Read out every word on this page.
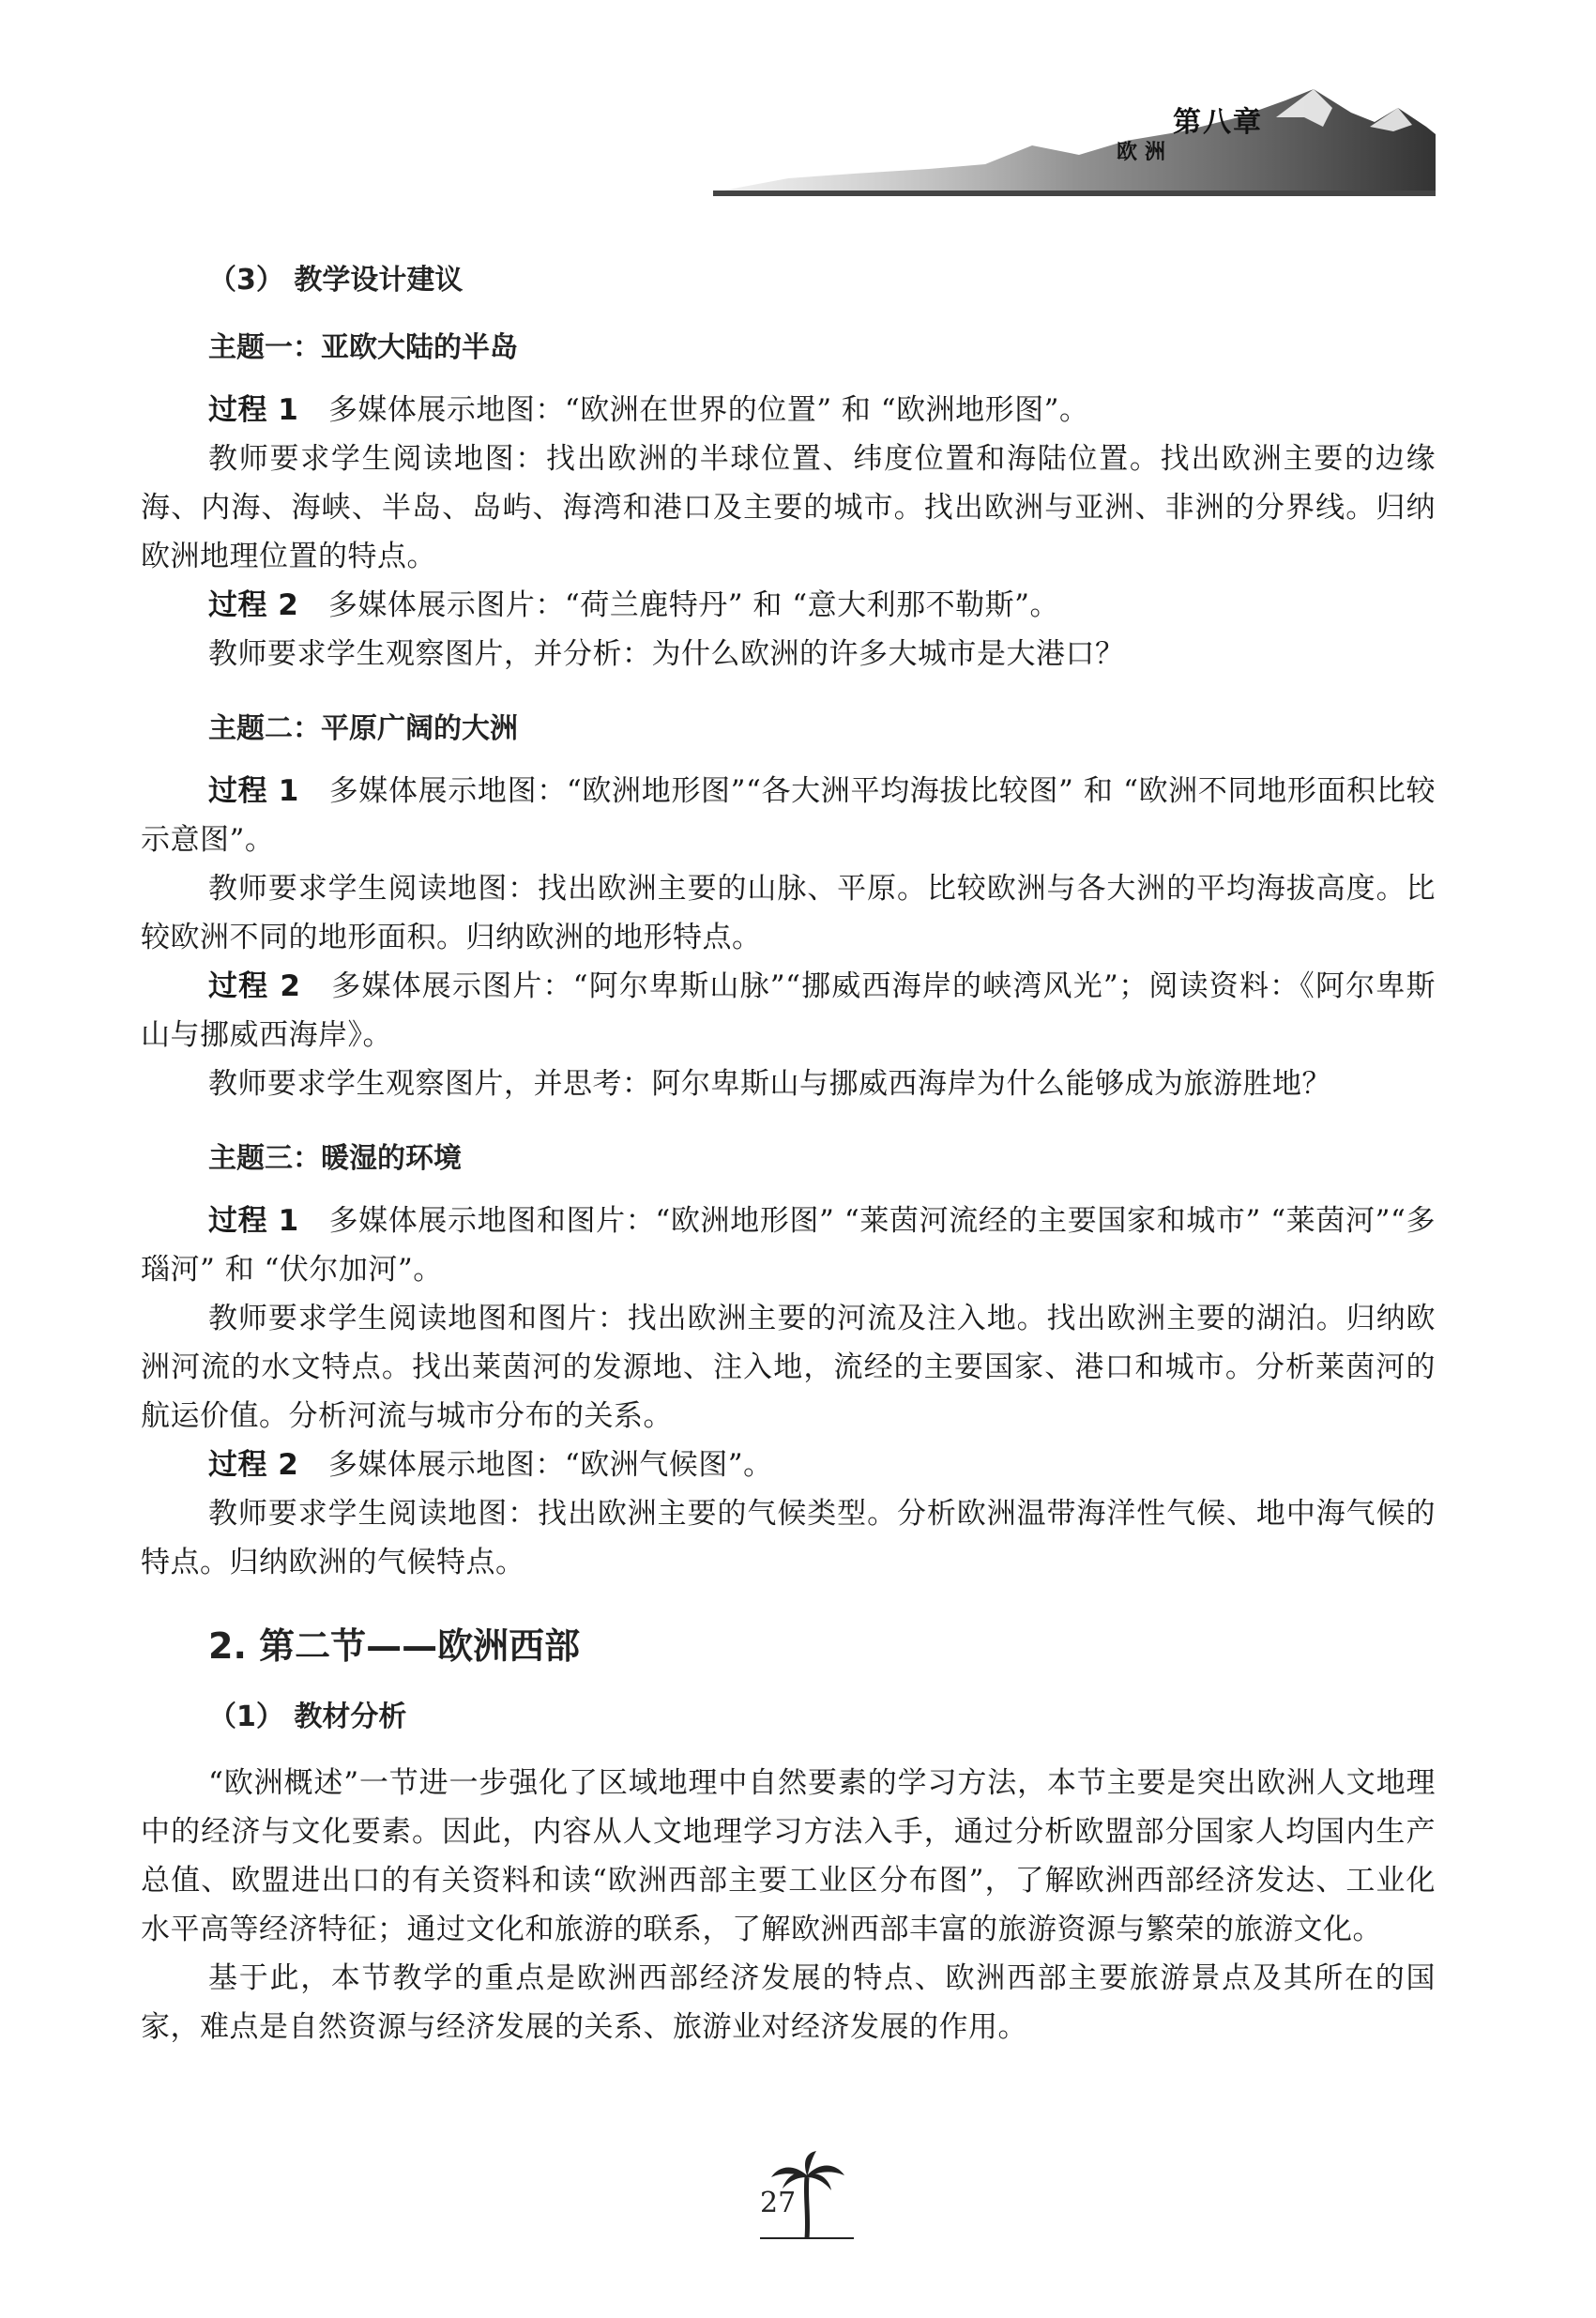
第八章
欧洲
（3） 教学设计建议
主题一：亚欧大陆的半岛

过程 1　 多媒体展示地图：“欧洲在世界的位置” 和 “欧洲地形图”。

教师要求学生阅读地图：找出欧洲的半球位置、纬度位置和海陆位置。找出欧洲主要的边缘海、内海、海峡、半岛、岛屿、海湾和港口及主要的城市。找出欧洲与亚洲、非洲的分界线。归纳欧洲地理位置的特点。

过程 2　 多媒体展示图片：“荷兰鹿特丹” 和 “意大利那不勒斯”。

教师要求学生观察图片，并分析：为什么欧洲的许多大城市是大港口？

主题二：平原广阔的大洲

过程 1　 多媒体展示地图：“欧洲地形图”“各大洲平均海拔比较图” 和 “欧洲不同地形面积比较示意图”。

教师要求学生阅读地图：找出欧洲主要的山脉、平原。比较欧洲与各大洲的平均海拔高度。比较欧洲不同的地形面积。归纳欧洲的地形特点。

过程 2　 多媒体展示图片：“阿尔卑斯山脉”“挪威西海岸的峡湾风光”；阅读资料：《阿尔卑斯山与挪威西海岸》。

教师要求学生观察图片，并思考：阿尔卑斯山与挪威西海岸为什么能够成为旅游胜地？

主题三：暖湿的环境

过程 1　 多媒体展示地图和图片：“欧洲地形图” “莱茵河流经的主要国家和城市” “莱茵河”“多瑙河” 和 “伏尔加河”。

教师要求学生阅读地图和图片：找出欧洲主要的河流及注入地。找出欧洲主要的湖泊。归纳欧洲河流的水文特点。找出莱茵河的发源地、注入地，流经的主要国家、港口和城市。分析莱茵河的航运价值。分析河流与城市分布的关系。

过程 2　 多媒体展示地图：“欧洲气候图”。

教师要求学生阅读地图：找出欧洲主要的气候类型。分析欧洲温带海洋性气候、地中海气候的特点。归纳欧洲的气候特点。

2. 第二节——欧洲西部
（1） 教材分析

“欧洲概述”一节进一步强化了区域地理中自然要素的学习方法，本节主要是突出欧洲人文地理中的经济与文化要素。因此，内容从人文地理学习方法入手，通过分析欧盟部分国家人均国内生产总值、欧盟进出口的有关资料和读“欧洲西部主要工业区分布图”，了解欧洲西部经济发达、工业化水平高等经济特征；通过文化和旅游的联系，了解欧洲西部丰富的旅游资源与繁荣的旅游文化。

基于此，本节教学的重点是欧洲西部经济发展的特点、欧洲西部主要旅游景点及其所在的国家，难点是自然资源与经济发展的关系、旅游业对经济发展的作用。

27
